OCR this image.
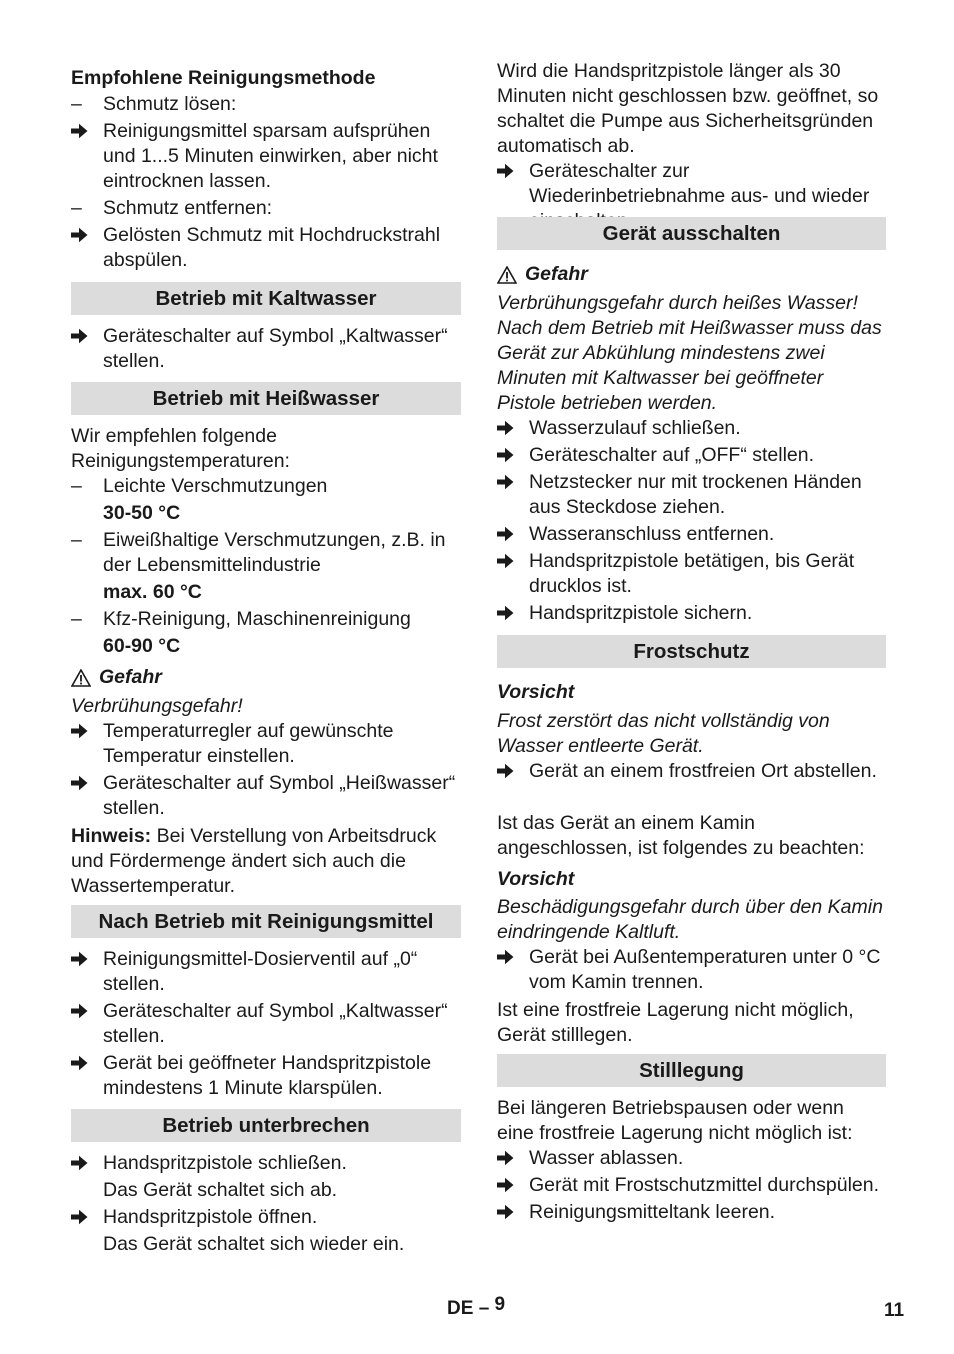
Empfohlene Reinigungsmethode
–	Schmutz lösen:
Reinigungsmittel sparsam aufsprühen und 1...5 Minuten einwirken, aber nicht eintrocknen lassen.
–	Schmutz entfernen:
Gelösten Schmutz mit Hochdruckstrahl abspülen.
Betrieb mit Kaltwasser
Geräteschalter auf Symbol „Kaltwasser“ stellen.
Betrieb mit Heißwasser
Wir empfehlen folgende Reinigungstemperaturen:
–	Leichte Verschmutzungen
30-50 °C
–	Eiweißhaltige Verschmutzungen, z.B. in der Lebensmittelindustrie
max. 60 °C
–	Kfz-Reinigung, Maschinenreinigung
60-90 °C
Gefahr
Verbrühungsgefahr!
Temperaturregler auf gewünschte Temperatur einstellen.
Geräteschalter auf Symbol „Heißwasser“ stellen.
Hinweis: Bei Verstellung von Arbeitsdruck und Fördermenge ändert sich auch die Wassertemperatur.
Nach Betrieb mit Reinigungsmittel
Reinigungsmittel-Dosierventil auf „0“ stellen.
Geräteschalter auf Symbol „Kaltwasser“ stellen.
Gerät bei geöffneter Handspritzpistole mindestens 1 Minute klarspülen.
Betrieb unterbrechen
Handspritzpistole schließen.
Das Gerät schaltet sich ab.
Handspritzpistole öffnen.
Das Gerät schaltet sich wieder ein.
Wird die Handspritzpistole länger als 30 Minuten nicht geschlossen bzw. geöffnet, so schaltet die Pumpe aus Sicherheitsgründen automatisch ab.
Geräteschalter zur Wiederinbetriebnahme aus- und wieder
Gerät ausschalten
Gefahr
Verbrühungsgefahr durch heißes Wasser! Nach dem Betrieb mit Heißwasser muss das Gerät zur Abkühlung mindestens zwei Minuten mit Kaltwasser bei geöffneter Pistole betrieben werden.
Wasserzulauf schließen.
Geräteschalter auf „OFF“ stellen.
Netzstecker nur mit trockenen Händen aus Steckdose ziehen.
Wasseranschluss entfernen.
Handspritzpistole betätigen, bis Gerät drucklos ist.
Handspritzpistole sichern.
Frostschutz
Vorsicht
Frost zerstört das nicht vollständig von Wasser entleerte Gerät.
Gerät an einem frostfreien Ort abstellen.
Ist das Gerät an einem Kamin angeschlossen, ist folgendes zu beachten:
Vorsicht
Beschädigungsgefahr durch über den Kamin eindringende Kaltluft.
Gerät bei Außentemperaturen unter 0 °C vom Kamin trennen.
Ist eine frostfreie Lagerung nicht möglich, Gerät stilllegen.
Stilllegung
Bei längeren Betriebspausen oder wenn eine frostfreie Lagerung nicht möglich ist:
Wasser ablassen.
Gerät mit Frostschutzmittel durchspülen.
Reinigungsmitteltank leeren.
DE – 9	11
